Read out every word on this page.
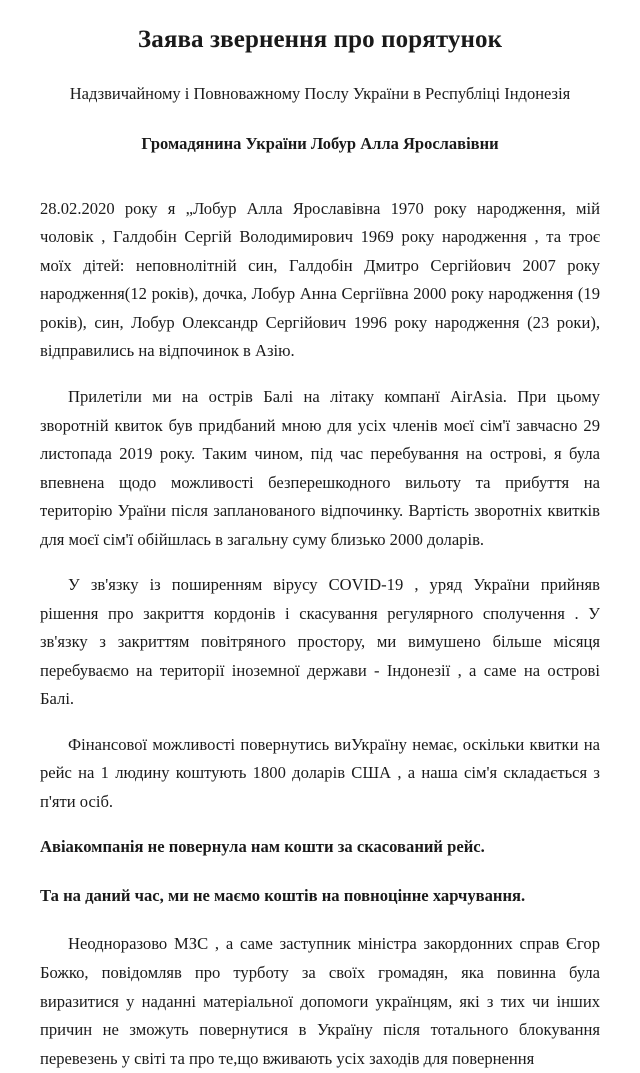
Заява звернення про порятунок
Надзвичайному і Повноважному Послу України в Республіці Індонезія
Громадянина України Лобур Алла Ярославівни

28.02.2020 року я „Лобур Алла Ярославівна 1970 року народження, мій чоловік , Галдобін Сергій Володимирович 1969 року народження , та троє моїх дітей: неповнолітній син, Галдобін Дмитро Сергійович 2007 року народження(12 років), дочка, Лобур Анна Сергіївна 2000 року народження (19 років), син, Лобур Олександр Сергійович 1996 року народження (23 роки), відправились на відпочинок в Азію.

Прилетіли ми на острів Балі на літаку компанї AirAsia. При цьому зворотній квиток був придбаний мною для усіх членів моєї сім'ї завчасно 29 листопада 2019 року. Таким чином, під час перебування на острові, я була впевнена щодо можливості безперешкодного вильоту та прибуття на територію Ураїни після запланованого відпочинку. Вартість зворотніх квитків для моєї сім'ї обійшлась в загальну суму близько 2000 доларів.

У зв'язку із поширенням вірусу COVID-19 , уряд України прийняв рішення про закриття кордонів і скасування регулярного сполучення . У зв'язку з закриттям повітряного простору, ми вимушено більше місяця перебуваємо на території іноземної держави - Індонезії , а саме на острові Балі.

Фінансової можливості повернутись виУкраїну немає, оскільки квитки на рейс на 1 людину коштують 1800 доларів США , а наша сім'я складається з п'яти осіб.

Авіакомпанія не повернула нам кошти за скасований рейс.

Та на даний час, ми не маємо коштів на повноцінне харчування.

Неодноразово МЗС , а саме заступник міністра закордонних справ Єгор Божко, повідомляв про турботу за своїх громадян, яка повинна була виразитися у наданні матеріальної допомоги українцям, які з тих чи інших причин не зможуть повернутися в Україну після тотального блокування перевезень у світі та про те,що вживають усіх заходів для повернення
